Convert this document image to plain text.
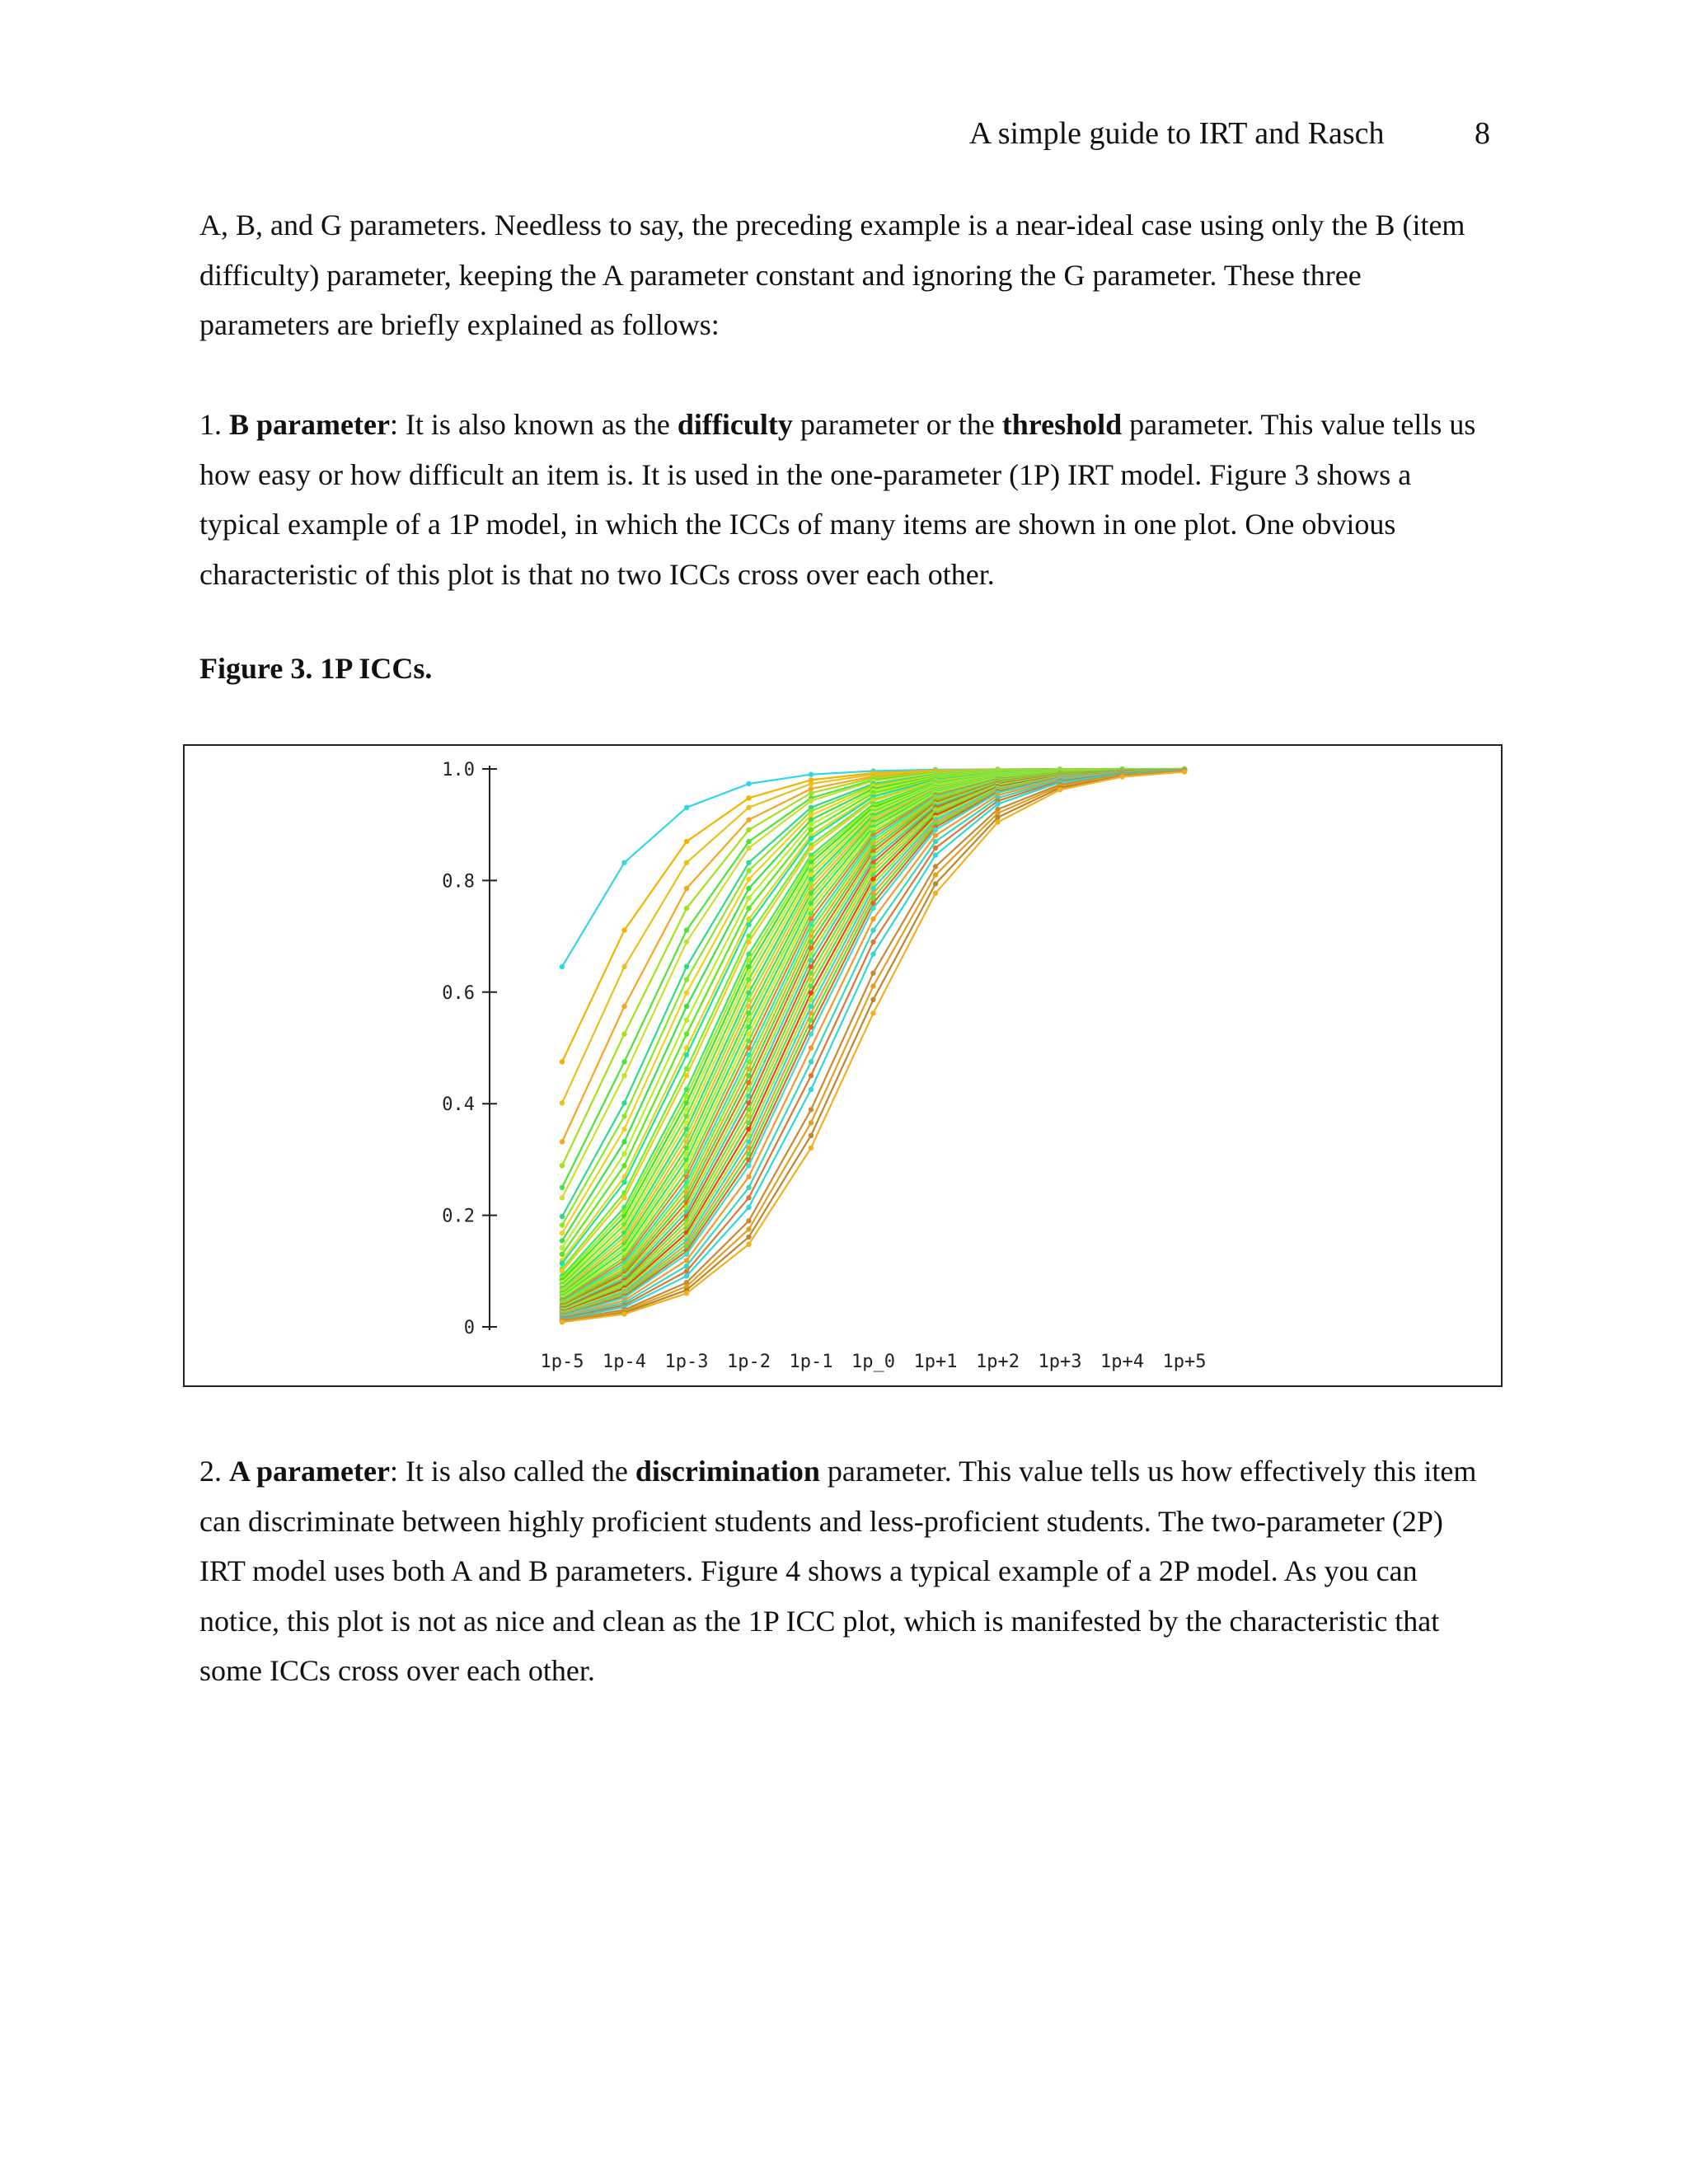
A simple guide to IRT and Rasch	8
A, B, and G parameters. Needless to say, the preceding example is a near-ideal case using only the B (item difficulty) parameter, keeping the A parameter constant and ignoring the G parameter. These three parameters are briefly explained as follows:
1. B parameter: It is also known as the difficulty parameter or the threshold parameter. This value tells us how easy or how difficult an item is. It is used in the one-parameter (1P) IRT model. Figure 3 shows a typical example of a 1P model, in which the ICCs of many items are shown in one plot. One obvious characteristic of this plot is that no two ICCs cross over each other.
Figure 3. 1P ICCs.
1.0
0.8
0.6
0.4
0.2
0
1p-5 1p-4 1p-3 1p-2 1p-1 1p_0 1p+1 1p+2 1p+3 1p+4 1p+5
2. A parameter: It is also called the discrimination parameter. This value tells us how effectively this item can discriminate between highly proficient students and less-proficient students. The two-parameter (2P) IRT model uses both A and B parameters. Figure 4 shows a typical example of a 2P model. As you can notice, this plot is not as nice and clean as the 1P ICC plot, which is manifested by the characteristic that some ICCs cross over each other.
